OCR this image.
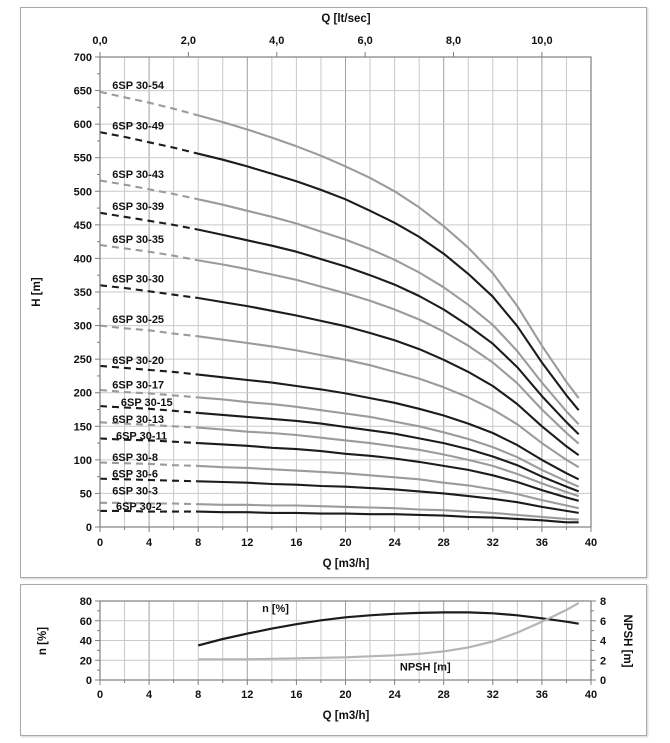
0,0	2,0	4,0	6,0	8,0	10,0
0
50
100
150
200
250
300
350
400
450
500
550
600
650
700
0	4	8	12	16	20	24	28	32	36	40
6SP 30-54
6SP 30-49
6SP 30-43
6SP 30-39
6SP 30-35
6SP 30-30
6SP 30-25
6SP 30-20
6SP 30-17
6SP 30-15
6SP 30-13
6SP 30-11
6SP 30-8
6SP 30-6
6SP 30-3
6SP 30-2
Q [lt/sec]
H [m]
Q [m3/h]
0
20
40
60
80
0
2
4
6
8
0	4	8	12	16	20	24	28	32	36	40
n [%]
NPSH [m]
n [%]	NPSH [m]
Q [m3/h]
